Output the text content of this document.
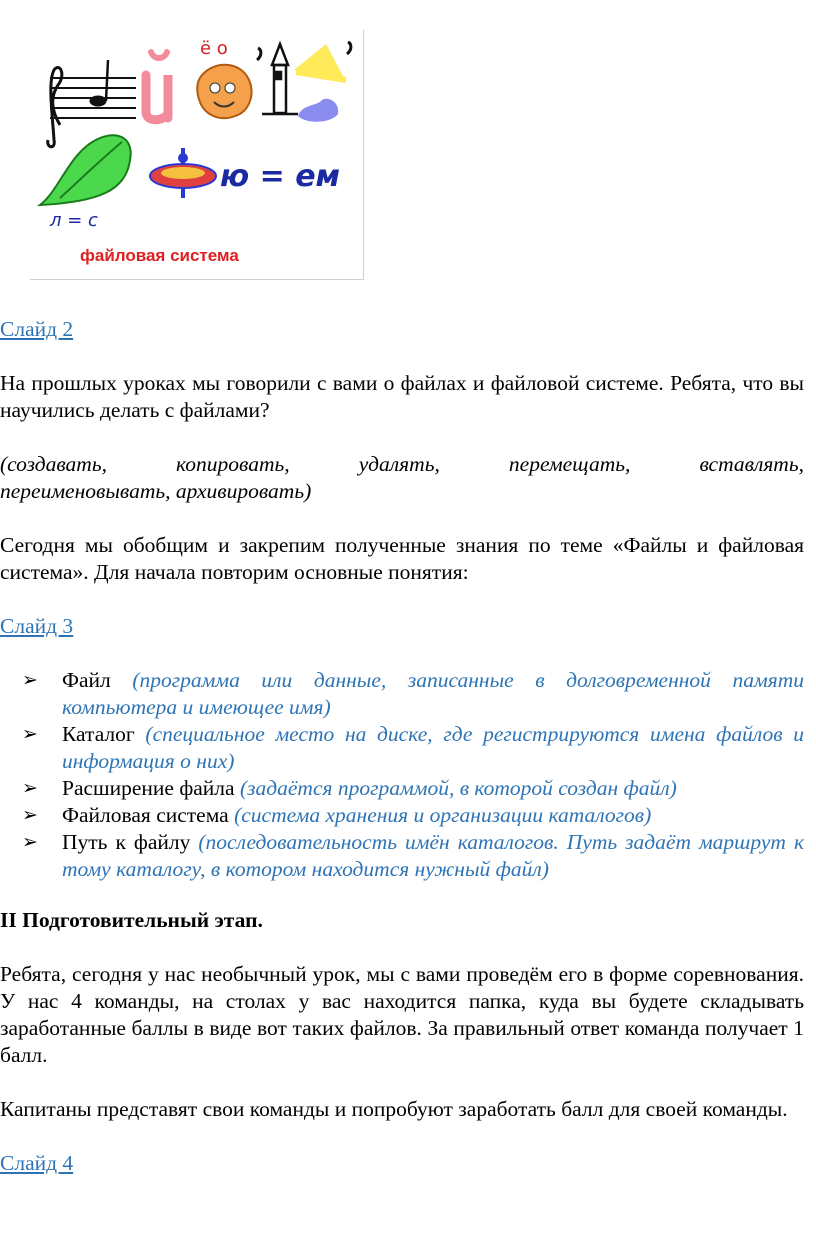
ё о
ю = ем
л = с
файловая система

Слайд 2

На прошлых уроках мы говорили с вами о файлах и файловой системе. Ребята, что вы научились делать с файлами?

(создавать, копировать, удалять, перемещать, вставлять,

переименовывать, архивировать)

Сегодня мы обобщим и закрепим полученные знания по теме «Файлы и файловая система». Для начала повторим основные понятия:

Слайд 3

➢ Файл (программа или данные, записанные в долговременной памяти компьютера и имеющее имя)
➢ Каталог (специальное место на диске, где регистрируются имена файлов и информация о них)
➢ Расширение файла (задаётся программой, в которой создан файл)
➢ Файловая система (система хранения и организации каталогов)
➢ Путь к файлу (последовательность имён каталогов. Путь задаёт маршрут к тому каталогу, в котором находится нужный файл)

II Подготовительный этап.

Ребята, сегодня у нас необычный урок, мы с вами проведём его в форме соревнования. У нас 4 команды, на столах у вас находится папка, куда вы будете складывать заработанные баллы в виде вот таких файлов. За правильный ответ команда получает 1 балл.

Капитаны представят свои команды и попробуют заработать балл для своей команды.

Слайд 4
